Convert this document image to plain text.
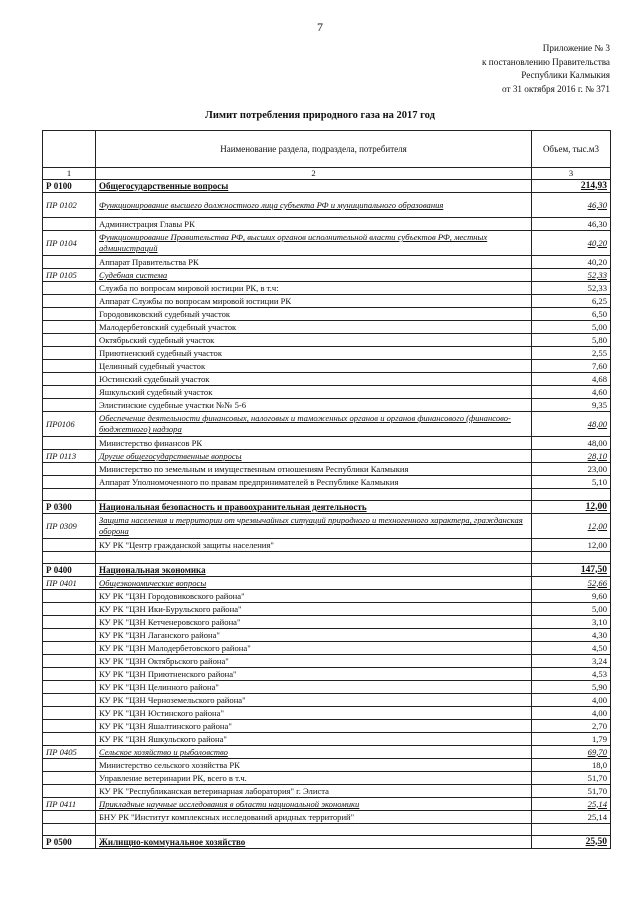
7
Приложение № 3
к постановлению Правительства
Республики Калмыкия
от 31 октября 2016 г. № 371
Лимит потребления природного газа на 2017 год
	Наименование раздела, подраздела, потребителя	Объем, тыс.м3
1	2	3
Р 0100	Общегосударственные вопросы	214,93
ПР 0102	Функционирование высшего должностного лица субъекта РФ и муниципального образования	46,30
	Администрация Главы РК	46,30
ПР 0104	Функционирование Правительства РФ, высших органов исполнительной власти субъектов РФ, местных администраций	40,20
	Аппарат Правительства РК	40,20
ПР 0105	Судебная система	52,33
	Служба по вопросам мировой юстиции РК, в т.ч:	52,33
	Аппарат Службы по вопросам мировой юстиции РК	6,25
	Городовиковский судебный участок	6,50
	Малодербетовский судебный участок	5,00
	Октябрьский судебный участок	5,80
	Приютненский судебный участок	2,55
	Целинный судебный участок	7,60
	Юстинский судебный участок	4,68
	Яшкульский судебный участок	4,60
	Элистинские судебные участки №№ 5-6	9,35
ПР0106	Обеспечение деятельности финансовых, налоговых и таможенных органов и органов финансового (финансово-бюджетного) надзора	48,00
	Министерство финансов РК	48,00
ПР 0113	Другие общегосударственные вопросы	28,10
	Министерство по земельным и имущественным отношениям Республики Калмыкия	23,00
	Аппарат Уполномоченного по правам предпринимателей в Республике Калмыкия	5,10

Р 0300	Национальная безопасность и правоохранительная деятельность	12,00
ПР 0309	Защита населения и территории от чрезвычайных ситуаций природного и техногенного характера, гражданская оборона	12,00
	КУ РК "Центр гражданской защиты населения"	12,00

Р 0400	Национальная экономика	147,50
ПР 0401	Общеэкономические вопросы	52,66
	КУ РК "ЦЗН Городовиковского района"	9,60
	КУ РК "ЦЗН Ики-Бурульского района"	5,00
	КУ РК "ЦЗН Кетченеровского района"	3,10
	КУ РК "ЦЗН Лаганского района"	4,30
	КУ РК "ЦЗН Малодербетовского района"	4,50
	КУ РК "ЦЗН Октябрьского района"	3,24
	КУ РК "ЦЗН Приютненского района"	4,53
	КУ РК "ЦЗН Целинного района"	5,90
	КУ РК "ЦЗН Черноземельского района"	4,00
	КУ РК "ЦЗН Юстинского района"	4,00
	КУ РК "ЦЗН Яшалтинского района"	2,70
	КУ РК "ЦЗН Яшкульского района"	1,79
ПР 0405	Сельское хозяйство и рыболовство	69,70
	Министерство сельского хозяйства РК	18,0
	Управление ветеринарии РК, всего в т.ч.	51,70
	КУ РК "Республиканская ветеринарная лаборатория" г. Элиста	51,70
ПР 0411	Прикладные научные исследования в области национальной экономики	25,14
	БНУ РК "Институт комплексных исследований аридных территорий"	25,14

Р 0500	Жилищно-коммунальное хозяйство	25,50
